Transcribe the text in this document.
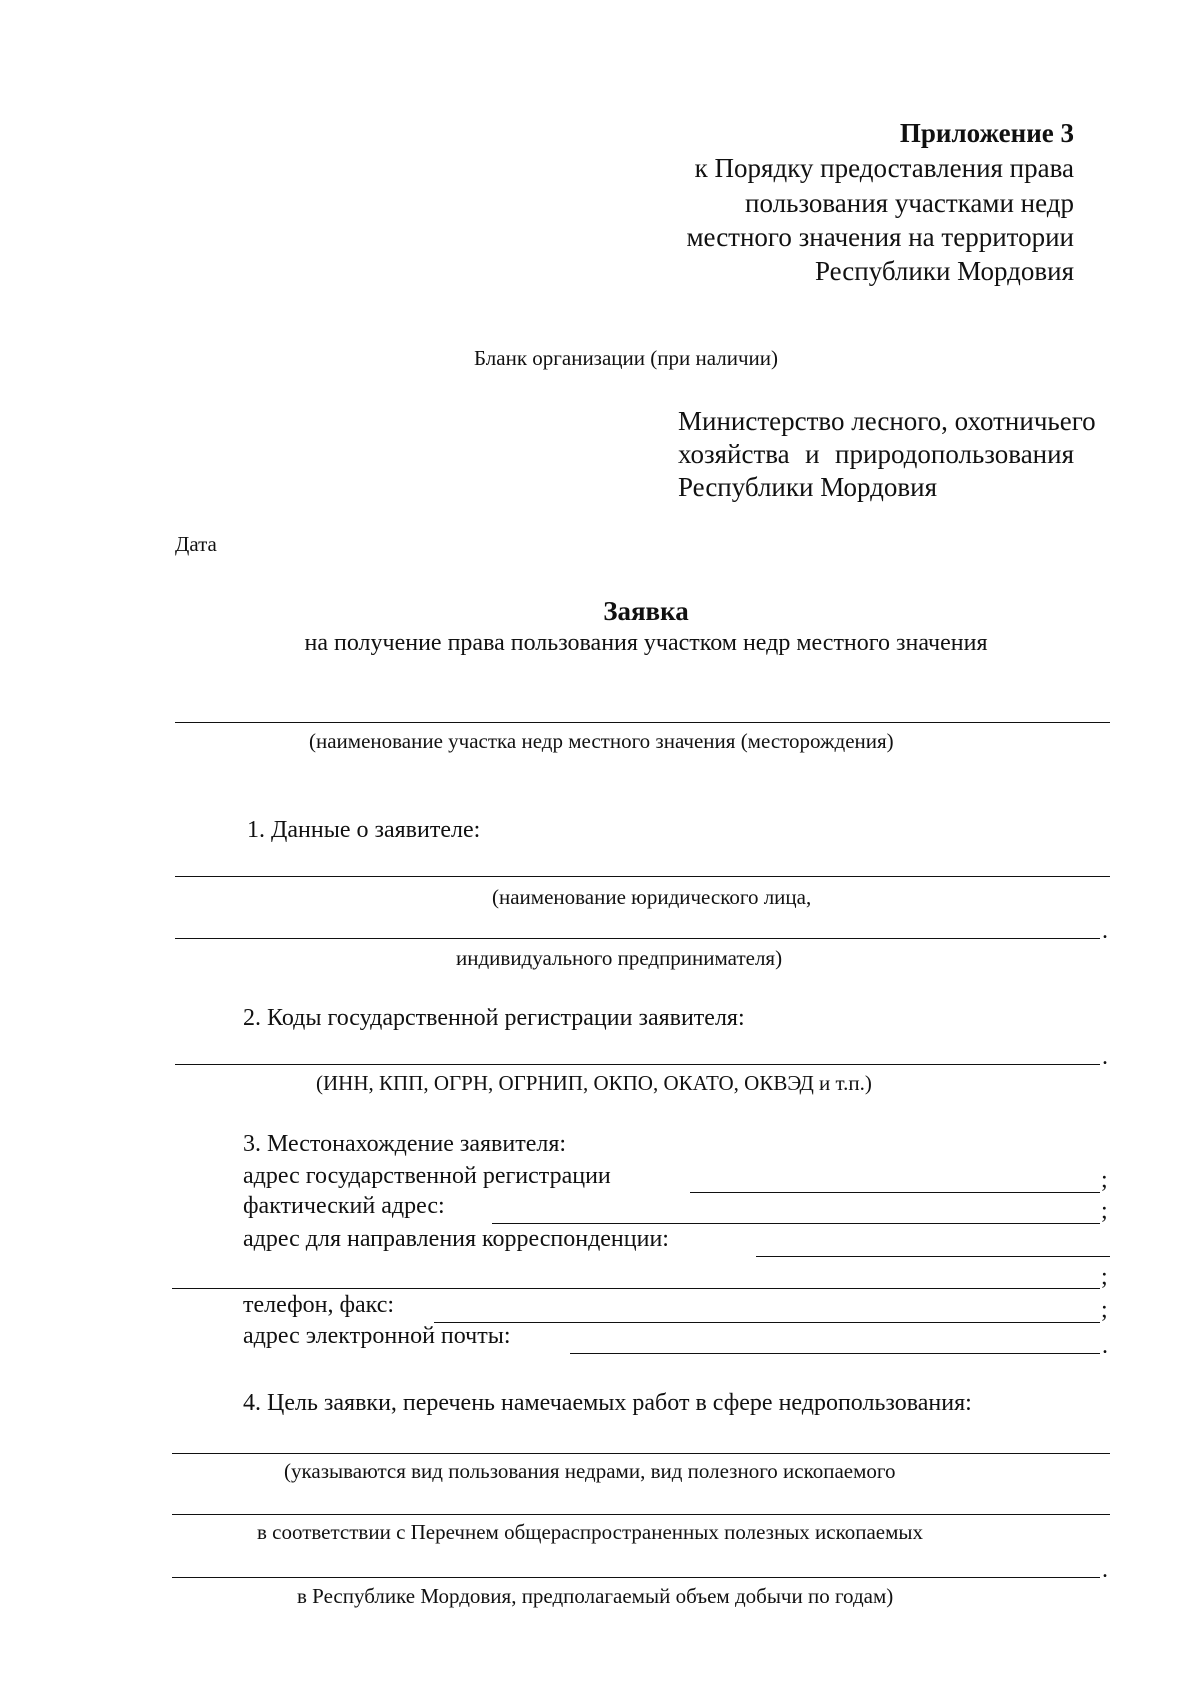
Приложение 3
к Порядку предоставления права
пользования участками недр
местного значения на территории
Республики Мордовия
Бланк организации (при наличии)
Министерство лесного, охотничьего
хозяйства и природопользования
Республики Мордовия
Дата
Заявка
на получение права пользования участком недр местного значения
(наименование участка недр местного значения (месторождения)
1. Данные о заявителе:
(наименование юридического лица,
.
индивидуального предпринимателя)
2. Коды государственной регистрации заявителя:
.
(ИНН, КПП, ОГРН, ОГРНИП, ОКПО, ОКАТО, ОКВЭД и т.п.)
3. Местонахождение заявителя:
адрес государственной регистрации	;
фактический адрес:	;
адрес для направления корреспонденции:
;
телефон, факс:	;
адрес электронной почты:	.
4. Цель заявки, перечень намечаемых работ в сфере недропользования:
(указываются вид пользования недрами, вид полезного ископаемого
в соответствии с Перечнем общераспространенных полезных ископаемых
.
в Республике Мордовия, предполагаемый объем добычи по годам)
